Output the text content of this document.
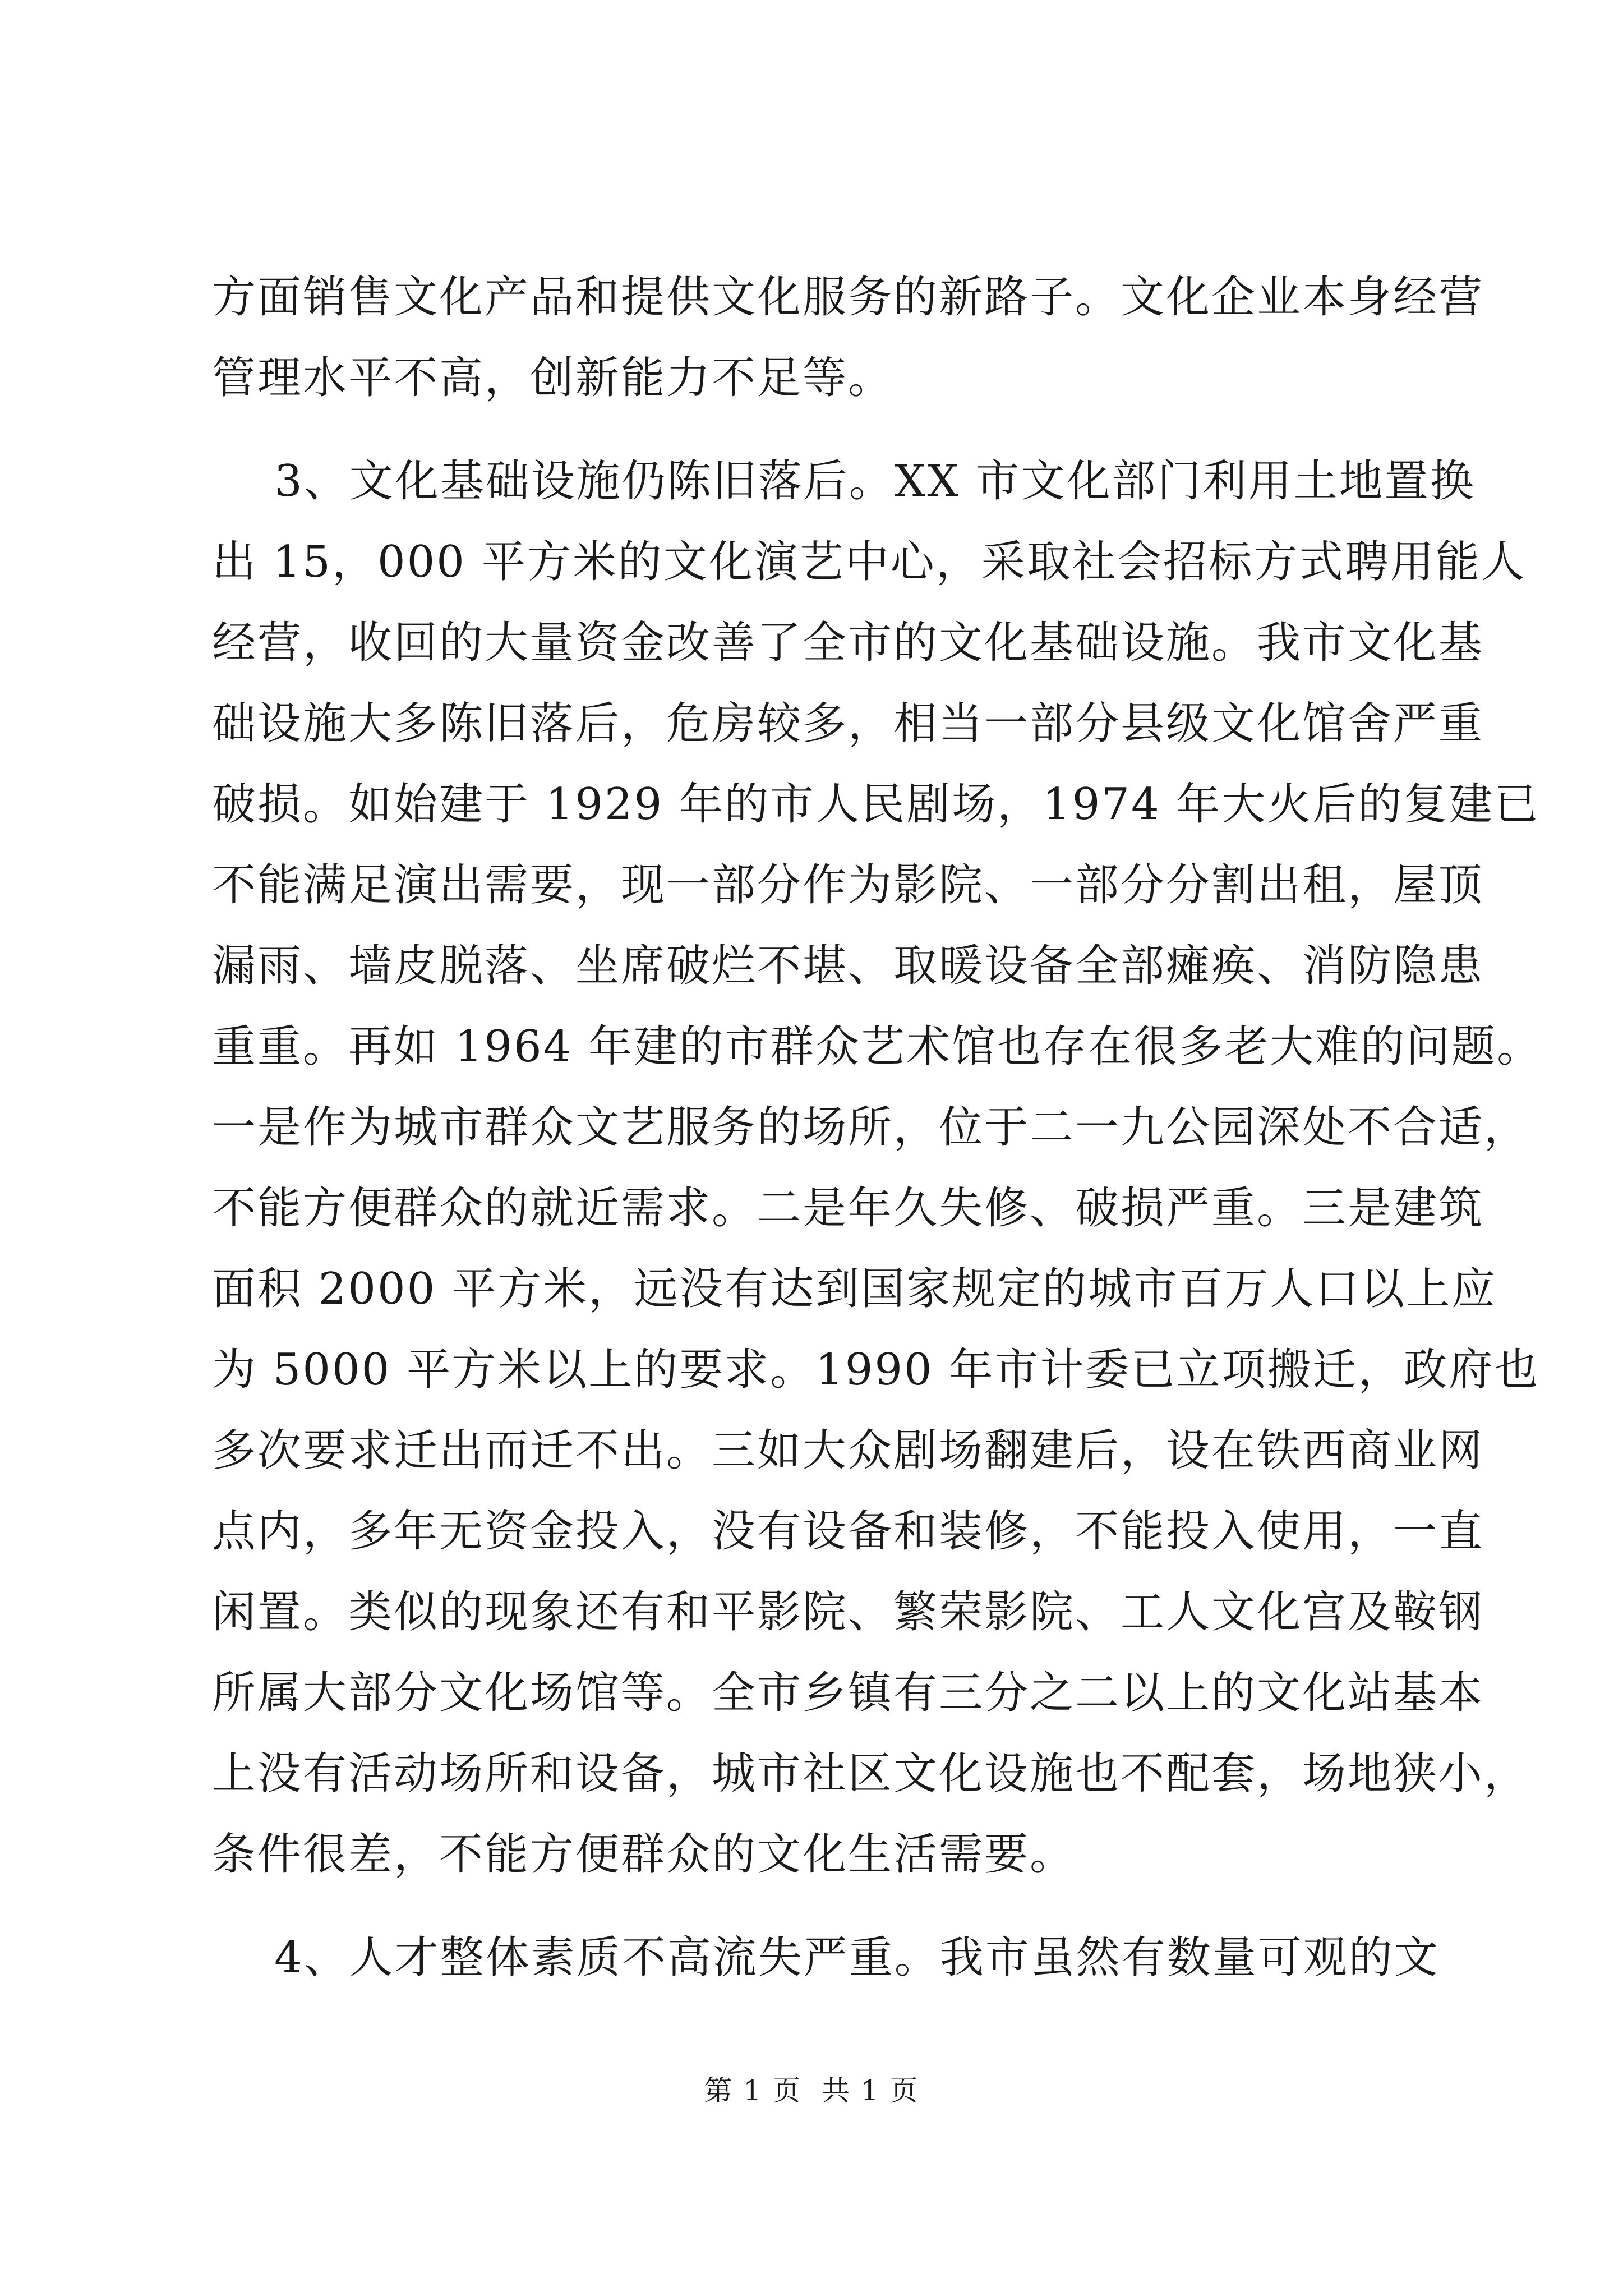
方面销售文化产品和提供文化服务的新路子。文化企业本身经营
管理水平不高，创新能力不足等。
3、文化基础设施仍陈旧落后。XX 市文化部门利用土地置换
出 15，000 平方米的文化演艺中心，采取社会招标方式聘用能人
经营，收回的大量资金改善了全市的文化基础设施。我市文化基
础设施大多陈旧落后，危房较多，相当一部分县级文化馆舍严重
破损。如始建于 1929 年的市人民剧场，1974 年大火后的复建已
不能满足演出需要，现一部分作为影院、一部分分割出租，屋顶
漏雨、墙皮脱落、坐席破烂不堪、取暖设备全部瘫痪、消防隐患
重重。再如 1964 年建的市群众艺术馆也存在很多老大难的问题。
一是作为城市群众文艺服务的场所，位于二一九公园深处不合适，
不能方便群众的就近需求。二是年久失修、破损严重。三是建筑
面积 2000 平方米，远没有达到国家规定的城市百万人口以上应
为 5000 平方米以上的要求。1990 年市计委已立项搬迁，政府也
多次要求迁出而迁不出。三如大众剧场翻建后，设在铁西商业网
点内，多年无资金投入，没有设备和装修，不能投入使用，一直
闲置。类似的现象还有和平影院、繁荣影院、工人文化宫及鞍钢
所属大部分文化场馆等。全市乡镇有三分之二以上的文化站基本
上没有活动场所和设备，城市社区文化设施也不配套，场地狭小，
条件很差，不能方便群众的文化生活需要。
4、人才整体素质不高流失严重。我市虽然有数量可观的文
第 1 页  共 1 页
